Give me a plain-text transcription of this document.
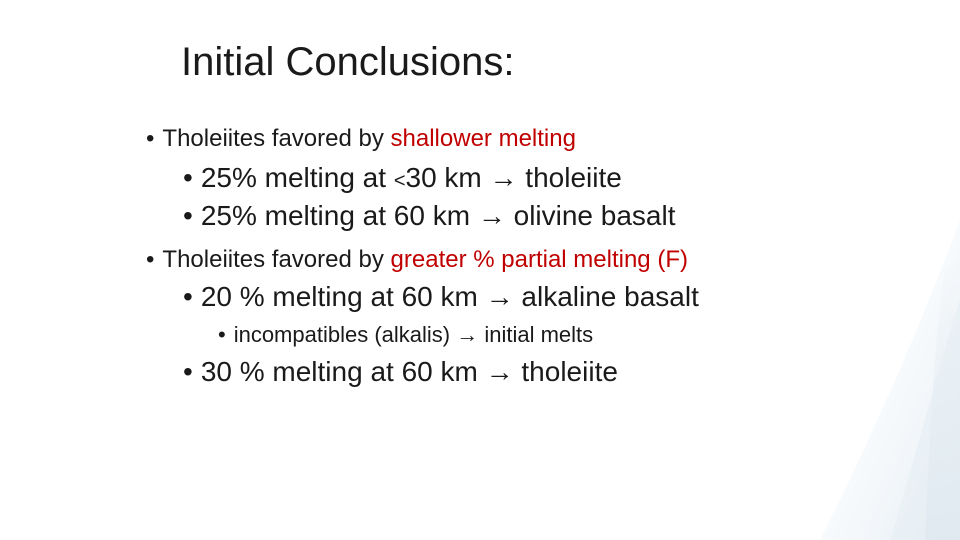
Initial Conclusions:
• Tholeiites favored by shallower melting
• 25% melting at <30 km → tholeiite
• 25% melting at 60 km → olivine basalt
• Tholeiites favored by greater % partial melting (F)
• 20 % melting at 60 km → alkaline basalt
• incompatibles (alkalis) → initial melts
• 30 % melting at 60 km → tholeiite
